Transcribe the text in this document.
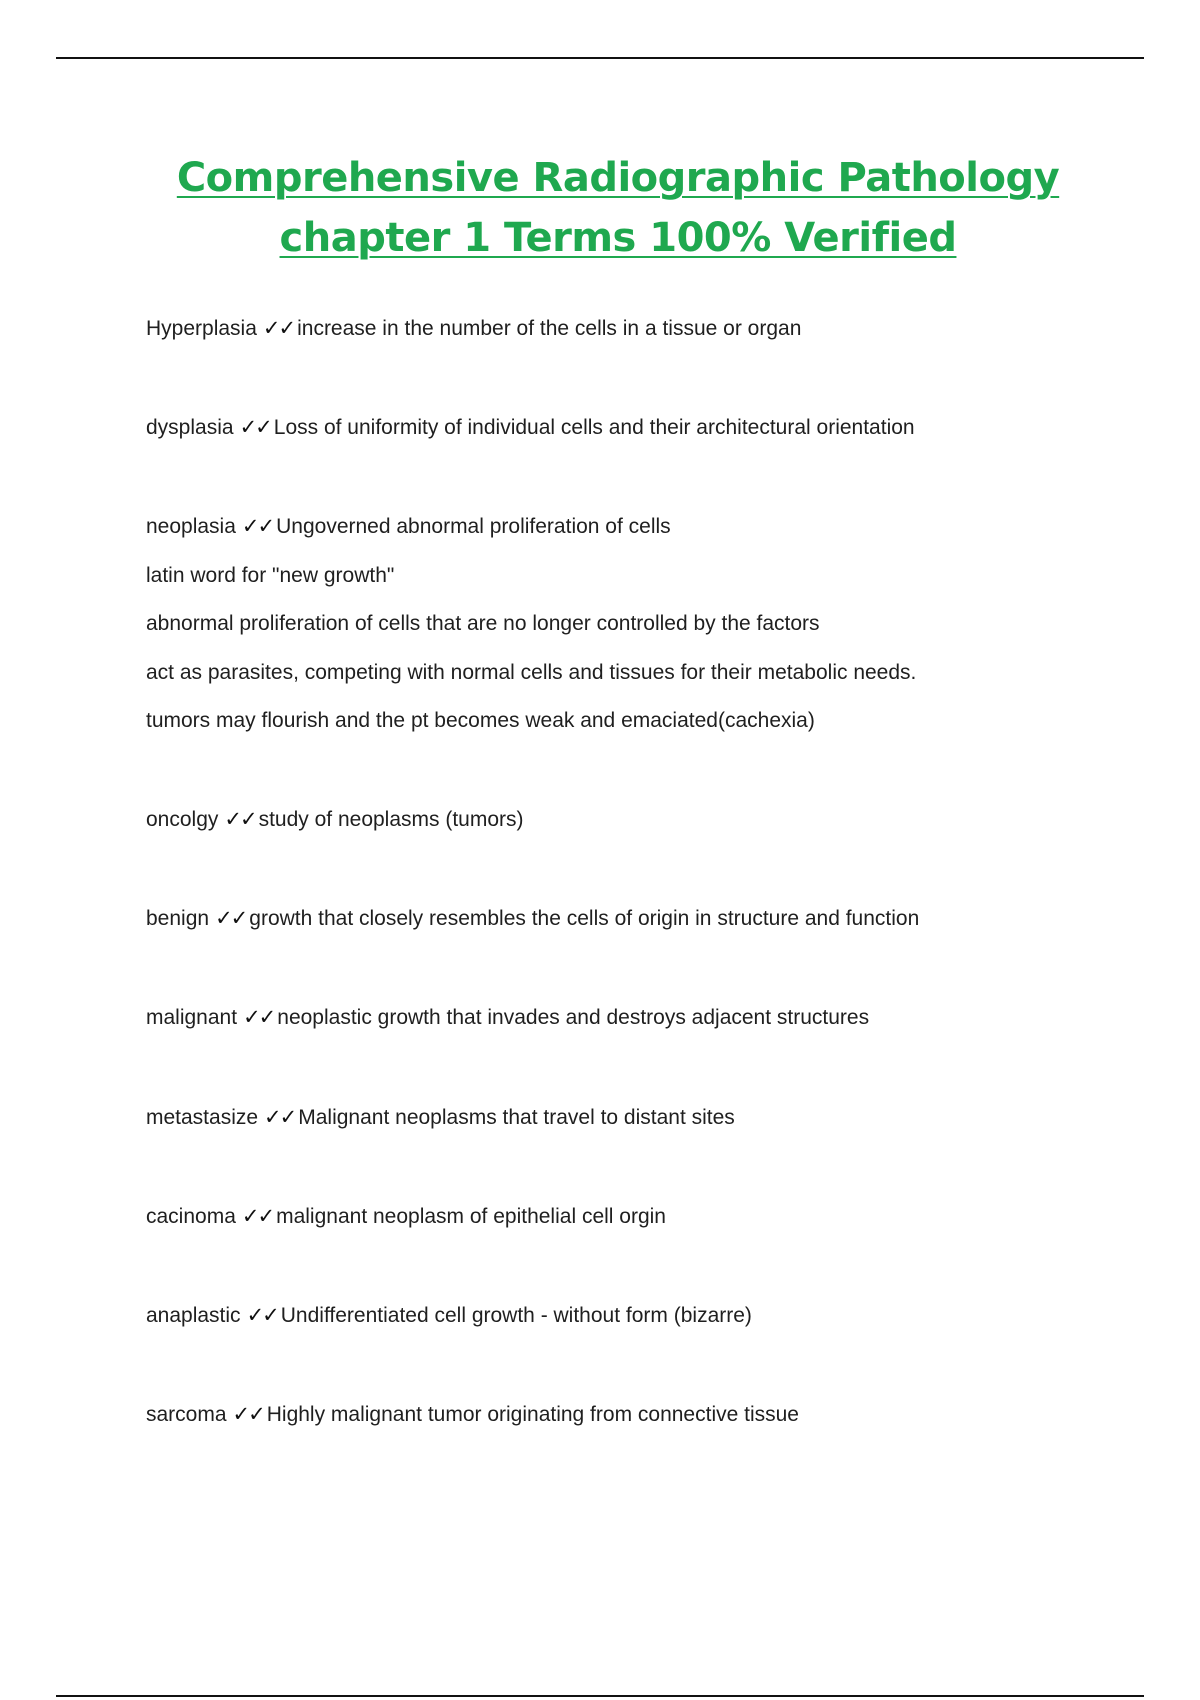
Comprehensive Radiographic Pathology
chapter 1 Terms 100% Verified
Hyperplasia ✓✓ increase in the number of the cells in a tissue or organ
dysplasia ✓✓ Loss of uniformity of individual cells and their architectural orientation
neoplasia ✓✓ Ungoverned abnormal proliferation of cells
latin word for "new growth"
abnormal proliferation of cells that are no longer controlled by the factors
act as parasites, competing with normal cells and tissues for their metabolic needs.
tumors may flourish and the pt becomes weak and emaciated(cachexia)
oncolgy ✓✓ study of neoplasms (tumors)
benign ✓✓ growth that closely resembles the cells of origin in structure and function
malignant ✓✓ neoplastic growth that invades and destroys adjacent structures
metastasize ✓✓ Malignant neoplasms that travel to distant sites
cacinoma ✓✓ malignant neoplasm of epithelial cell orgin
anaplastic ✓✓ Undifferentiated cell growth - without form (bizarre)
sarcoma ✓✓ Highly malignant tumor originating from connective tissue
